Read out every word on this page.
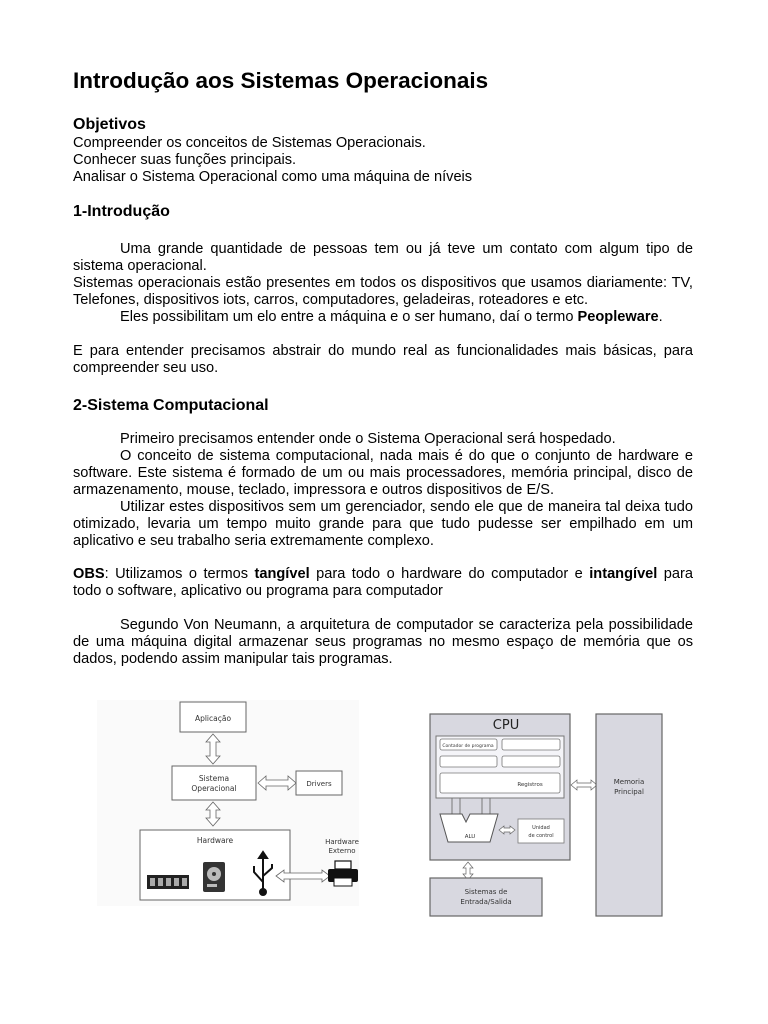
Introdução aos Sistemas Operacionais
Objetivos
Compreender os conceitos de Sistemas Operacionais.
Conhecer suas funções principais.
Analisar o Sistema Operacional como uma máquina de níveis
1-Introdução

Uma grande quantidade de pessoas tem ou já teve um contato com algum tipo de sistema operacional.

Sistemas operacionais estão presentes em todos os dispositivos que usamos diariamente: TV, Telefones, dispositivos iots, carros, computadores, geladeiras, roteadores e etc.

Eles possibilitam um elo entre a máquina e o ser humano, daí o termo Peopleware.

E para entender precisamos abstrair do mundo real as funcionalidades mais básicas, para compreender seu uso.

2-Sistema Computacional

Primeiro precisamos entender onde o Sistema Operacional será hospedado.

O conceito de sistema computacional, nada mais é do que o conjunto de hardware e software. Este sistema é formado de um ou mais processadores, memória principal, disco de armazenamento, mouse, teclado, impressora e outros dispositivos de E/S.

Utilizar estes dispositivos sem um gerenciador, sendo ele que de maneira tal deixa tudo otimizado, levaria um tempo muito grande para que tudo pudesse ser empilhado em um aplicativo e seu trabalho seria extremamente complexo.

OBS: Utilizamos o termos tangível para todo o hardware do computador e intangível para todo o software, aplicativo ou programa para computador

Segundo Von Neumann, a arquitetura de computador se caracteriza pela possibilidade de uma máquina digital armazenar seus programas no mesmo espaço de memória que os dados, podendo assim manipular tais programas.

Aplicação
Sistema
Operacional	Drivers
Hardware	Hardware
Externo
CPU
Contador de programa
Registros
ALU
Unidad
de control
Memoria
Principal
Sistemas de
Entrada/Salida
